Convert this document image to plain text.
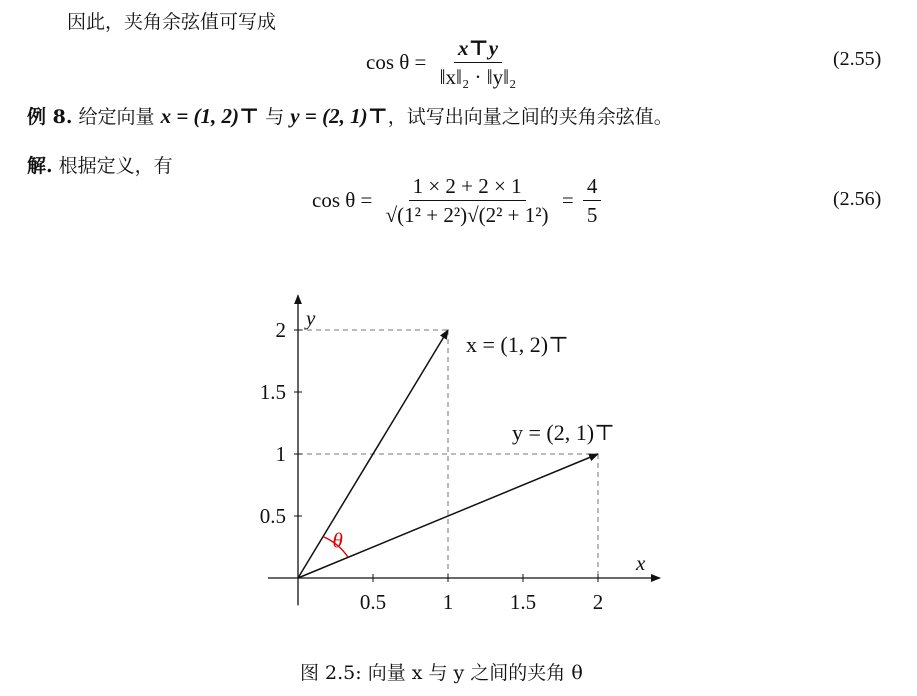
因此，夹角余弦值可写成
$\cos \theta = \frac{x⊤y}{\text{‖x‖₂ · ‖y‖₂}}$	(2.55)
例 8. 给定向量 x = (1, 2)⊤ 与 y = (2, 1)⊤，试写出向量之间的夹角余弦值。
解. 根据定义，有
$\cos \theta = \frac{1 \times 2 + 2 \times 1}{\text{√(1² + 2²)√(2² + 1²)}} = \frac{4}{5}$	(2.56)
x
y
0.5	1	1.5	2
0.5
1
1.5
2
x = (1, 2)⊤
y = (2, 1)⊤
θ
图 2.5: 向量 x 与 y 之间的夹角 θ
